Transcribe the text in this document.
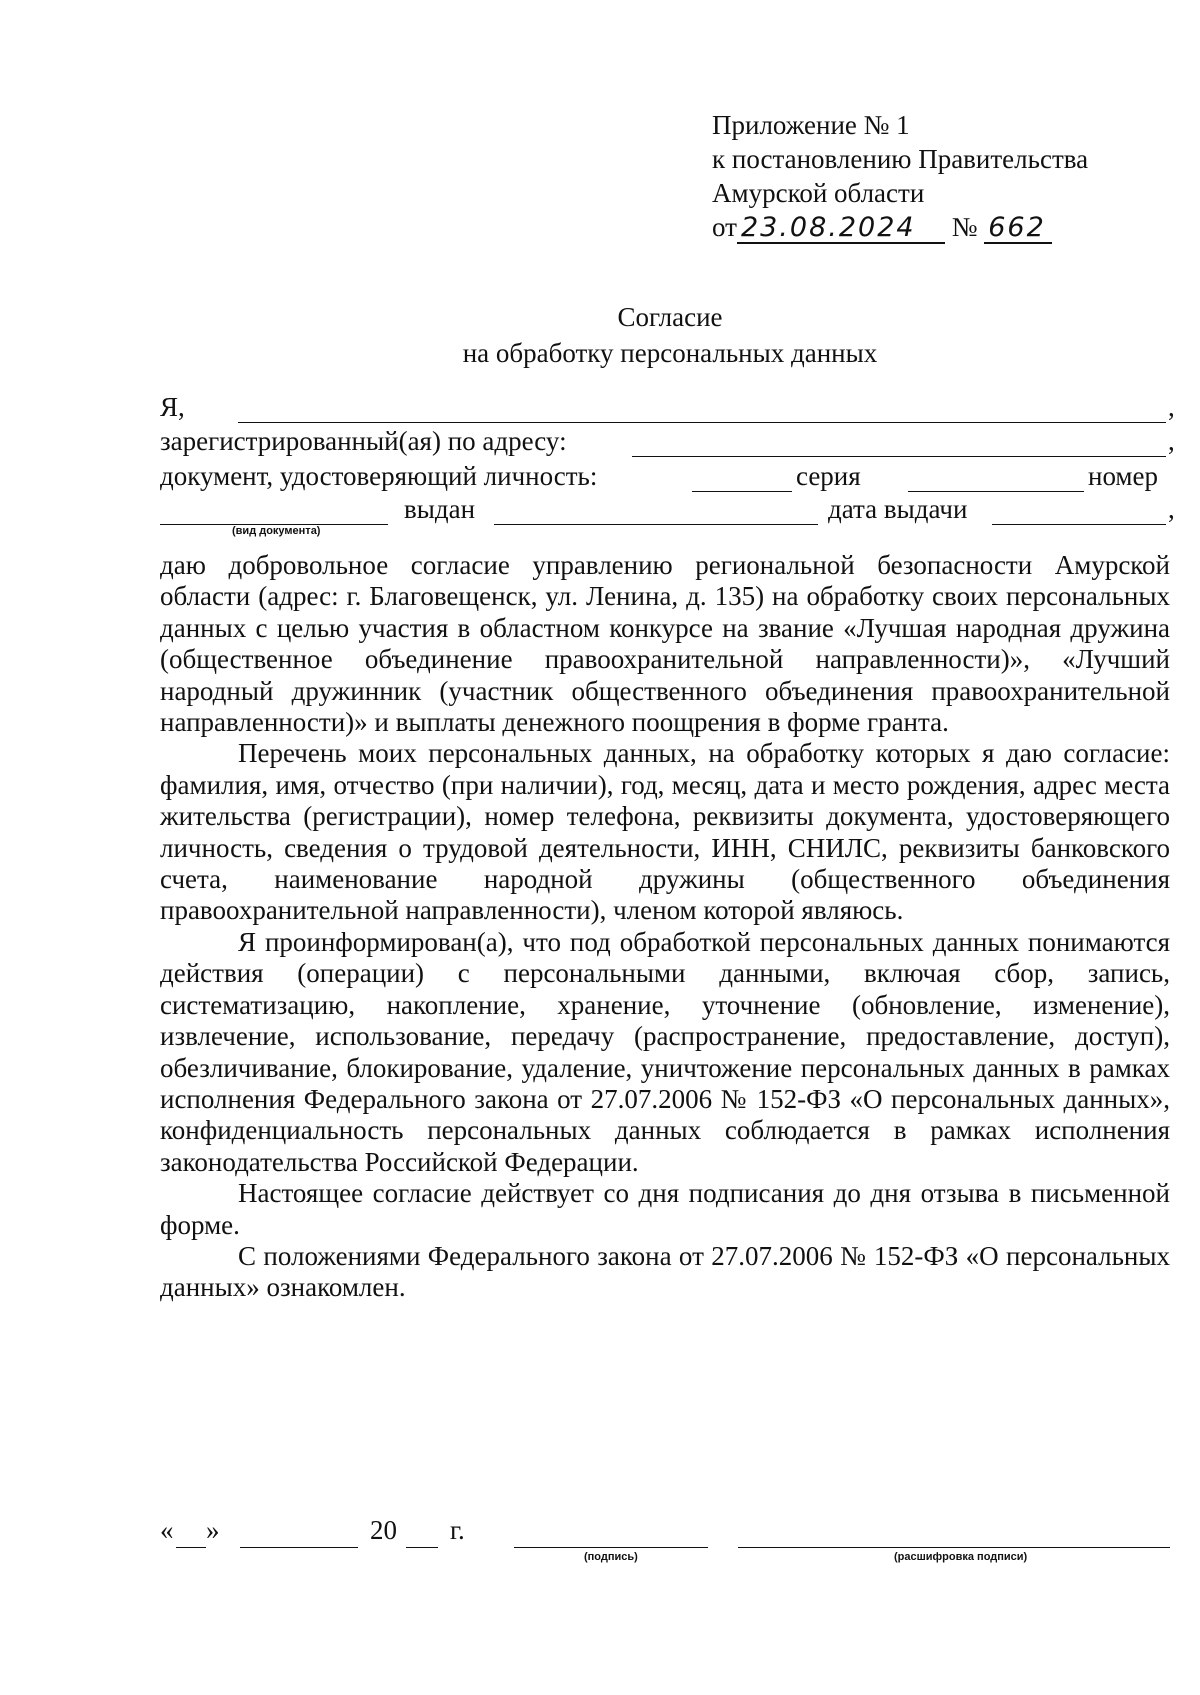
Приложение № 1
к постановлению Правительства
Амурской области
от 23.08.2024 № 662
Согласие
на обработку персональных данных
Я,	,
зарегистрированный(ая) по адресу:	,
документ, удостоверяющий личность:	серия	номер
выдан	дата выдачи	,
(вид документа)

даю добровольное согласие управлению региональной безопасности Амурской области (адрес: г. Благовещенск, ул. Ленина, д. 135) на обработку своих персональных данных с целью участия в областном конкурсе на звание «Лучшая народная дружина (общественное объединение правоохранительной направленности)», «Лучший народный дружинник (участник общественного объединения правоохранительной направленности)» и выплаты денежного поощрения в форме гранта.

Перечень моих персональных данных, на обработку которых я даю согласие: фамилия, имя, отчество (при наличии), год, месяц, дата и место рождения, адрес места жительства (регистрации), номер телефона, реквизиты документа, удостоверяющего личность, сведения о трудовой деятельности, ИНН, СНИЛС, реквизиты банковского счета, наименование народной дружины (общественного объединения правоохранительной направленности), членом которой являюсь.

Я проинформирован(а), что под обработкой персональных данных понимаются действия (операции) с персональными данными, включая сбор, запись, систематизацию, накопление, хранение, уточнение (обновление, изменение), извлечение, использование, передачу (распространение, предоставление, доступ), обезличивание, блокирование, удаление, уничтожение персональных данных в рамках исполнения Федерального закона от 27.07.2006 № 152-ФЗ «О персональных данных», конфиденциальность персональных данных соблюдается в рамках исполнения законодательства Российской Федерации.

Настоящее согласие действует со дня подписания до дня отзыва в письменной форме.

С положениями Федерального закона от 27.07.2006 № 152-ФЗ «О персональных данных» ознакомлен.

« »	20 г.
(подпись)	(расшифровка подписи)
